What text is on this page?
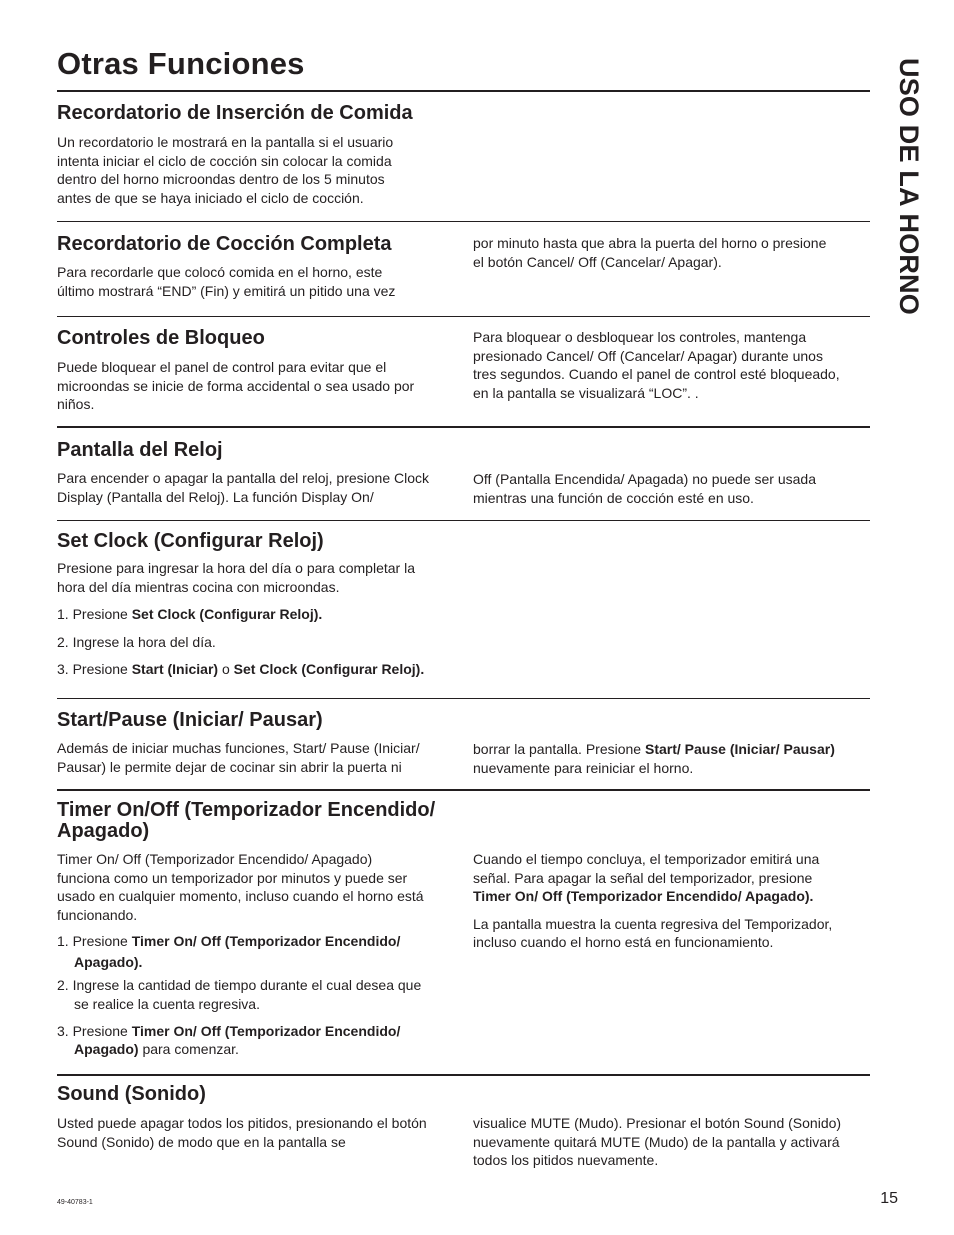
Otras Funciones	USO DE LA HORNO
Recordatorio de Inserción de Comida

Un recordatorio le mostrará en la pantalla si el usuario

intenta iniciar el ciclo de cocción sin colocar la comida

dentro del horno microondas dentro de los 5 minutos

antes de que se haya iniciado el ciclo de cocción.

Recordatorio de Cocción Completa

Para recordarle que colocó comida en el horno, este

último mostrará “END” (Fin) y emitirá un pitido una vez

por minuto hasta que abra la puerta del horno o presione

el botón Cancel/ Off (Cancelar/ Apagar).

Controles de Bloqueo

Puede bloquear el panel de control para evitar que el

microondas se inicie de forma accidental o sea usado por

niños.

Para bloquear o desbloquear los controles, mantenga

presionado Cancel/ Off (Cancelar/ Apagar) durante unos

tres segundos. Cuando el panel de control esté bloqueado,

en la pantalla se visualizará “LOC”. .

Pantalla del Reloj

Para encender o apagar la pantalla del reloj, presione Clock

Display (Pantalla del Reloj). La función Display On/

Off (Pantalla Encendida/ Apagada) no puede ser usada

mientras una función de cocción esté en uso.

Set Clock (Configurar Reloj)

Presione para ingresar la hora del día o para completar la

hora del día mientras cocina con microondas.

1. Presione Set Clock (Configurar Reloj).
2. Ingrese la hora del día.
3. Presione Start (Iniciar) o Set Clock (Configurar Reloj).
Start/Pause (Iniciar/ Pausar)

Además de iniciar muchas funciones, Start/ Pause (Iniciar/

Pausar) le permite dejar de cocinar sin abrir la puerta ni

borrar la pantalla. Presione Start/ Pause (Iniciar/ Pausar)

nuevamente para reiniciar el horno.

Timer On/Off (Temporizador Encendido/
Apagado)

Timer On/ Off (Temporizador Encendido/ Apagado)

funciona como un temporizador por minutos y puede ser

usado en cualquier momento, incluso cuando el horno está

funcionando.

1. Presione Timer On/ Off (Temporizador Encendido/
Apagado).
2. Ingrese la cantidad de tiempo durante el cual desea que
se realice la cuenta regresiva.
3. Presione Timer On/ Off (Temporizador Encendido/
Apagado) para comenzar.

Cuando el tiempo concluya, el temporizador emitirá una

señal. Para apagar la señal del temporizador, presione

Timer On/ Off (Temporizador Encendido/ Apagado).

La pantalla muestra la cuenta regresiva del Temporizador,

incluso cuando el horno está en funcionamiento.

Sound (Sonido)

Usted puede apagar todos los pitidos, presionando el botón

Sound (Sonido) de modo que en la pantalla se

visualice MUTE (Mudo). Presionar el botón Sound (Sonido)

nuevamente quitará MUTE (Mudo) de la pantalla y activará

todos los pitidos nuevamente.

49-40783-1	15
